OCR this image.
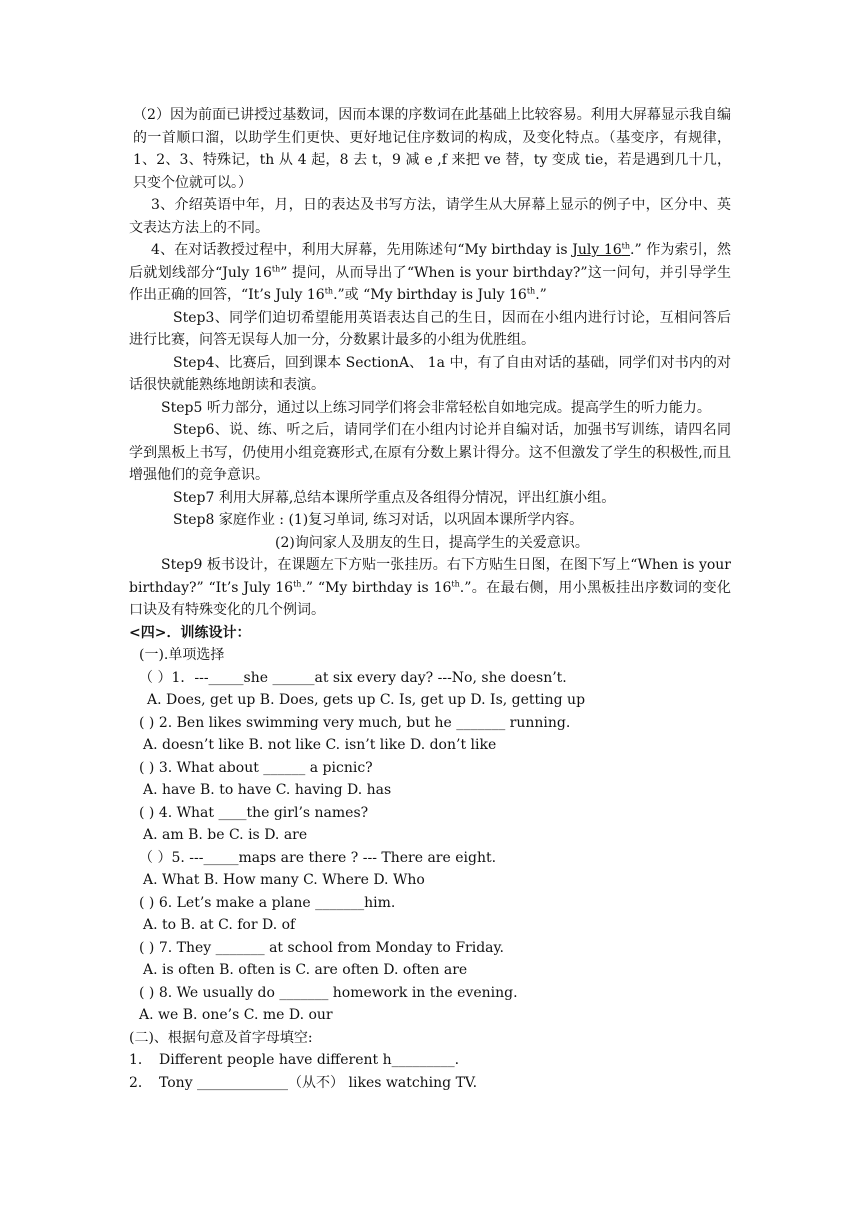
（2）因为前面已讲授过基数词，因而本课的序数词在此基础上比较容易。利用大屏幕显示我自编的一首顺口溜，以助学生们更快、更好地记住序数词的构成，及变化特点。（基变序，有规律，1、2、3、特殊记，th 从 4 起，8 去 t，9 减 e ,f 来把 ve 替，ty 变成 tie，若是遇到几十几，只变个位就可以。）

3、介绍英语中年，月，日的表达及书写方法，请学生从大屏幕上显示的例子中，区分中、英文表达方法上的不同。

4、在对话教授过程中，利用大屏幕，先用陈述句“My birthday is July 16th.” 作为索引，然后就划线部分“July 16th” 提问，从而导出了“When is your birthday?”这一问句，并引导学生作出正确的回答，“It’s July 16th.”或 “My birthday is July 16th.”

Step3、同学们迫切希望能用英语表达自己的生日，因而在小组内进行讨论，互相问答后进行比赛，问答无误每人加一分，分数累计最多的小组为优胜组。

Step4、比赛后，回到课本 SectionA、 1a 中，有了自由对话的基础，同学们对书内的对话很快就能熟练地朗读和表演。

Step5 听力部分，通过以上练习同学们将会非常轻松自如地完成。提高学生的听力能力。

Step6、说、练、听之后，请同学们在小组内讨论并自编对话，加强书写训练，请四名同学到黑板上书写，仍使用小组竞赛形式,在原有分数上累计得分。这不但激发了学生的积极性,而且增强他们的竞争意识。

Step7 利用大屏幕,总结本课所学重点及各组得分情况，评出红旗小组。

Step8 家庭作业 : (1)复习单词, 练习对话，以巩固本课所学内容。

(2)询问家人及朋友的生日，提高学生的关爱意识。

Step9 板书设计，在课题左下方贴一张挂历。右下方贴生日图，在图下写上“When is your birthday?” “It’s July 16th.” “My birthday is 16th.”。在最右侧，用小黑板挂出序数词的变化口诀及有特殊变化的几个例词。

<四>．训练设计：

(一).单项选择

（ ）1．---_____she ______at six every day? ---No, she doesn’t.

A. Does, get up B. Does, gets up C. Is, get up D. Is, getting up

( ) 2. Ben likes swimming very much, but he _______ running.

A. doesn’t like B. not like C. isn’t like D. don’t like

( ) 3. What about ______ a picnic?

A. have B. to have C. having D. has

( ) 4. What ____the girl’s names?

A. am B. be C. is D. are

（ ）5. ---_____maps are there ? --- There are eight.

A. What B. How many C. Where D. Who

( ) 6. Let’s make a plane _______him.

A. to B. at C. for D. of

( ) 7. They _______ at school from Monday to Friday.

A. is often B. often is C. are often D. often are

( ) 8. We usually do _______ homework in the evening.

A. we B. one’s C. me D. our

(二)、根据句意及首字母填空:

1． Different people have different h_________.

2． Tony _____________（从不） likes watching TV.
